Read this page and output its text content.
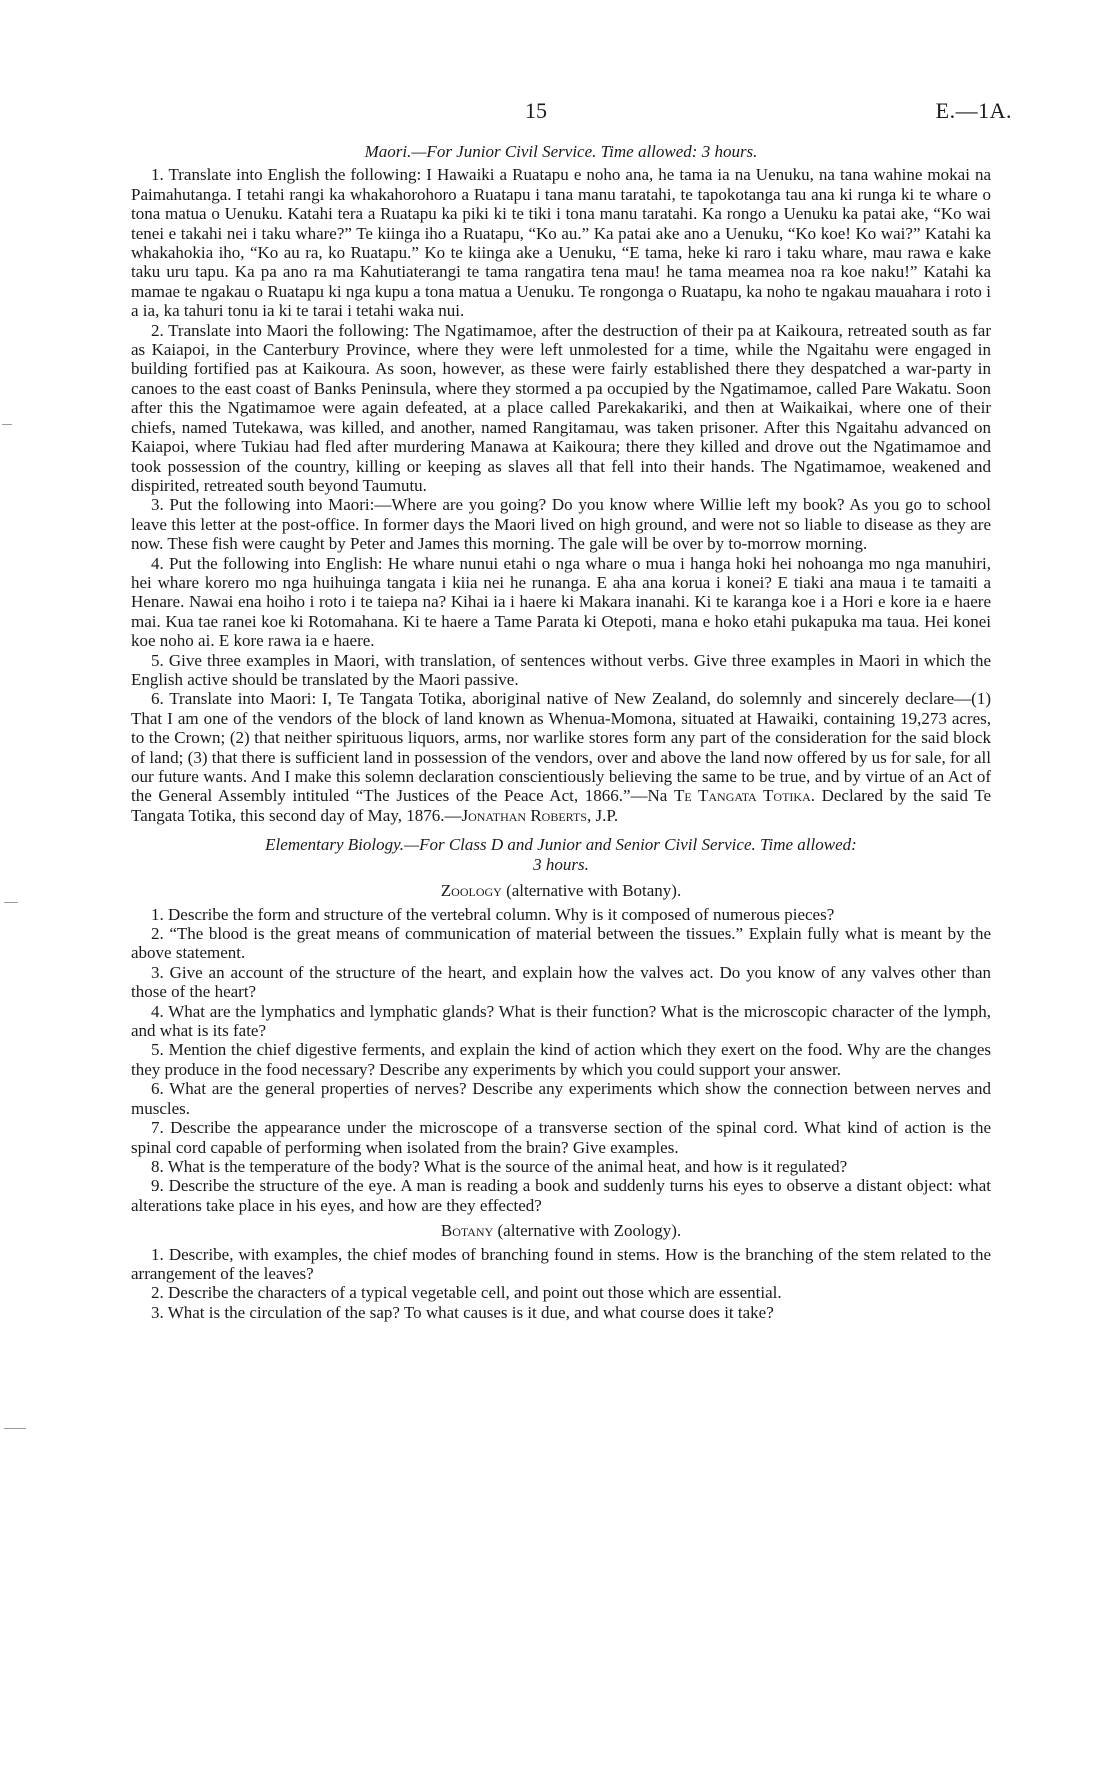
15	E.—1A.
Maori.—For Junior Civil Service. Time allowed: 3 hours.

1. Translate into English the following: I Hawaiki a Ruatapu e noho ana, he tama ia na Uenuku, na tana wahine mokai na Paimahutanga. I tetahi rangi ka whakahorohoro a Ruatapu i tana manu taratahi, te tapokotanga tau ana ki runga ki te whare o tona matua o Uenuku. Katahi tera a Ruatapu ka piki ki te tiki i tona manu taratahi. Ka rongo a Uenuku ka patai ake, “Ko wai tenei e takahi nei i taku whare?” Te kiinga iho a Ruatapu, “Ko au.” Ka patai ake ano a Uenuku, “Ko koe! Ko wai?” Katahi ka whakahokia iho, “Ko au ra, ko Ruatapu.” Ko te kiinga ake a Uenuku, “E tama, heke ki raro i taku whare, mau rawa e kake taku uru tapu. Ka pa ano ra ma Kahutiaterangi te tama rangatira tena mau! he tama meamea noa ra koe naku!” Katahi ka mamae te ngakau o Ruatapu ki nga kupu a tona matua a Uenuku. Te rongonga o Ruatapu, ka noho te ngakau mauahara i roto i a ia, ka tahuri tonu ia ki te tarai i tetahi waka nui.

2. Translate into Maori the following: The Ngatimamoe, after the destruction of their pa at Kaikoura, retreated south as far as Kaiapoi, in the Canterbury Province, where they were left unmolested for a time, while the Ngaitahu were engaged in building fortified pas at Kaikoura. As soon, however, as these were fairly established there they despatched a war-party in canoes to the east coast of Banks Peninsula, where they stormed a pa occupied by the Ngatimamoe, called Pare Wakatu. Soon after this the Ngatimamoe were again defeated, at a place called Parekakariki, and then at Waikaikai, where one of their chiefs, named Tutekawa, was killed, and another, named Rangitamau, was taken prisoner. After this Ngaitahu advanced on Kaiapoi, where Tukiau had fled after murdering Manawa at Kaikoura; there they killed and drove out the Ngatimamoe and took possession of the country, killing or keeping as slaves all that fell into their hands. The Ngatimamoe, weakened and dispirited, retreated south beyond Taumutu.

3. Put the following into Maori:—Where are you going? Do you know where Willie left my book? As you go to school leave this letter at the post-office. In former days the Maori lived on high ground, and were not so liable to disease as they are now. These fish were caught by Peter and James this morning. The gale will be over by to-morrow morning.

4. Put the following into English: He whare nunui etahi o nga whare o mua i hanga hoki hei nohoanga mo nga manuhiri, hei whare korero mo nga huihuinga tangata i kiia nei he runanga. E aha ana korua i konei? E tiaki ana maua i te tamaiti a Henare. Nawai ena hoiho i roto i te taiepa na? Kihai ia i haere ki Makara inanahi. Ki te karanga koe i a Hori e kore ia e haere mai. Kua tae ranei koe ki Rotomahana. Ki te haere a Tame Parata ki Otepoti, mana e hoko etahi pukapuka ma taua. Hei konei koe noho ai. E kore rawa ia e haere.

5. Give three examples in Maori, with translation, of sentences without verbs. Give three examples in Maori in which the English active should be translated by the Maori passive.

6. Translate into Maori: I, Te Tangata Totika, aboriginal native of New Zealand, do solemnly and sincerely declare—(1) That I am one of the vendors of the block of land known as Whenua-Momona, situated at Hawaiki, containing 19,273 acres, to the Crown; (2) that neither spirituous liquors, arms, nor warlike stores form any part of the consideration for the said block of land; (3) that there is sufficient land in possession of the vendors, over and above the land now offered by us for sale, for all our future wants. And I make this solemn declaration conscientiously believing the same to be true, and by virtue of an Act of the General Assembly intituled “The Justices of the Peace Act, 1866.”—Na Te Tangata Totika. Declared by the said Te Tangata Totika, this second day of May, 1876.—Jonathan Roberts, J.P.

Elementary Biology.—For Class D and Junior and Senior Civil Service. Time allowed:
3 hours.
Zoology (alternative with Botany).

1. Describe the form and structure of the vertebral column. Why is it composed of numerous pieces?

2. “The blood is the great means of communication of material between the tissues.” Explain fully what is meant by the above statement.

3. Give an account of the structure of the heart, and explain how the valves act. Do you know of any valves other than those of the heart?

4. What are the lymphatics and lymphatic glands? What is their function? What is the microscopic character of the lymph, and what is its fate?

5. Mention the chief digestive ferments, and explain the kind of action which they exert on the food. Why are the changes they produce in the food necessary? Describe any experiments by which you could support your answer.

6. What are the general properties of nerves? Describe any experiments which show the connection between nerves and muscles.

7. Describe the appearance under the microscope of a transverse section of the spinal cord. What kind of action is the spinal cord capable of performing when isolated from the brain? Give examples.

8. What is the temperature of the body? What is the source of the animal heat, and how is it regulated?

9. Describe the structure of the eye. A man is reading a book and suddenly turns his eyes to observe a distant object: what alterations take place in his eyes, and how are they effected?

Botany (alternative with Zoology).

1. Describe, with examples, the chief modes of branching found in stems. How is the branching of the stem related to the arrangement of the leaves?

2. Describe the characters of a typical vegetable cell, and point out those which are essential.

3. What is the circulation of the sap? To what causes is it due, and what course does it take?
